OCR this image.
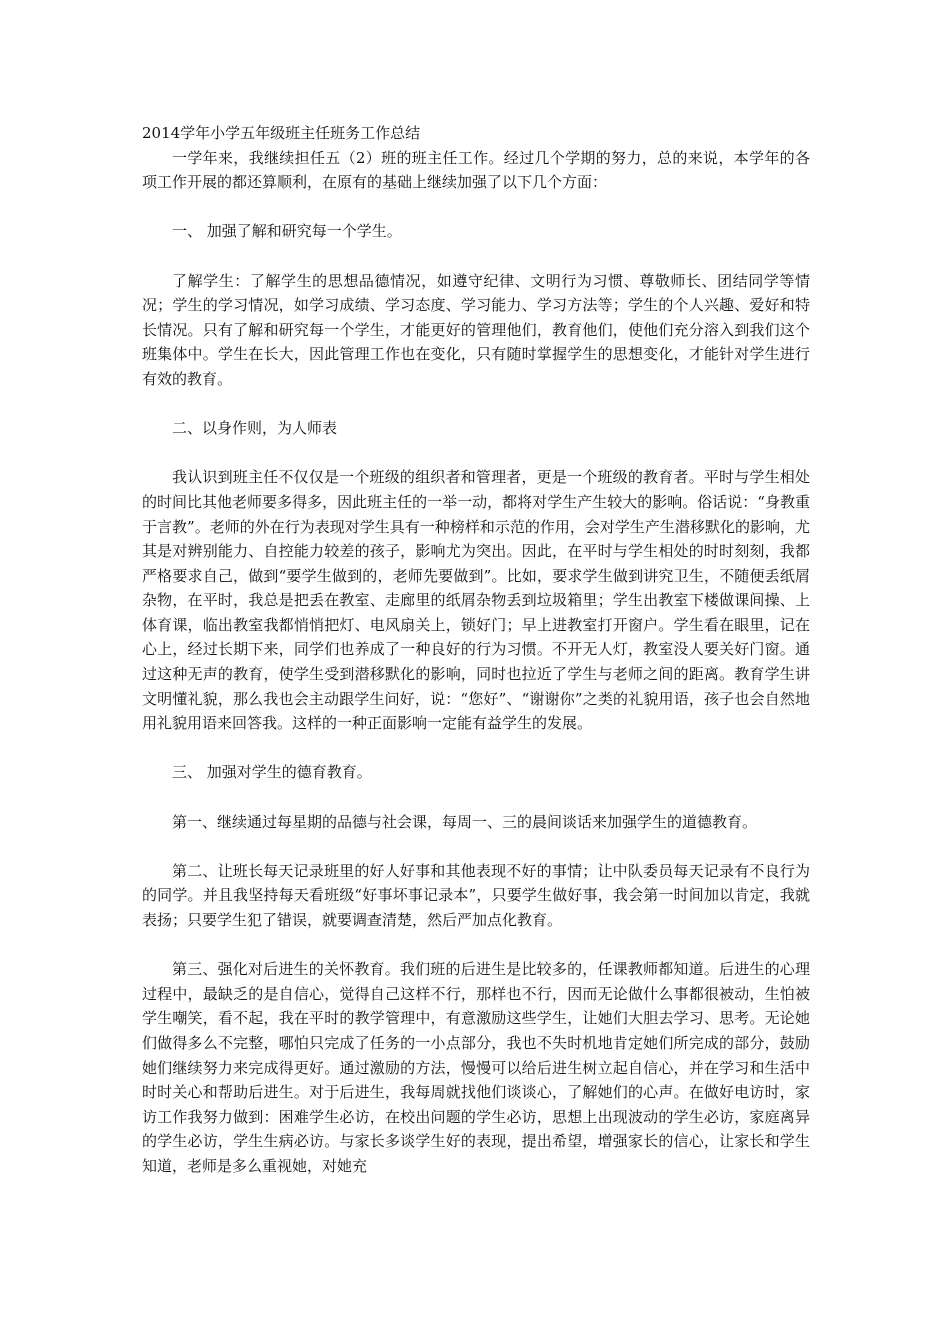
2014学年小学五年级班主任班务工作总结

一学年来，我继续担任五（2）班的班主任工作。经过几个学期的努力，总的来说，本学年的各项工作开展的都还算顺利，在原有的基础上继续加强了以下几个方面：

一、 加强了解和研究每一个学生。

了解学生：了解学生的思想品德情况，如遵守纪律、文明行为习惯、尊敬师长、团结同学等情况；学生的学习情况，如学习成绩、学习态度、学习能力、学习方法等；学生的个人兴趣、爱好和特长情况。只有了解和研究每一个学生，才能更好的管理他们，教育他们，使他们充分溶入到我们这个班集体中。学生在长大，因此管理工作也在变化，只有随时掌握学生的思想变化，才能针对学生进行有效的教育。

二、以身作则，为人师表

我认识到班主任不仅仅是一个班级的组织者和管理者，更是一个班级的教育者。平时与学生相处的时间比其他老师要多得多，因此班主任的一举一动，都将对学生产生较大的影响。俗话说：“身教重于言教”。老师的外在行为表现对学生具有一种榜样和示范的作用，会对学生产生潜移默化的影响，尤其是对辨别能力、自控能力较差的孩子，影响尤为突出。因此，在平时与学生相处的时时刻刻，我都严格要求自己，做到“要学生做到的，老师先要做到”。比如，要求学生做到讲究卫生，不随便丢纸屑杂物，在平时，我总是把丢在教室、走廊里的纸屑杂物丢到垃圾箱里；学生出教室下楼做课间操、上体育课，临出教室我都悄悄把灯、电风扇关上，锁好门；早上进教室打开窗户。学生看在眼里，记在心上，经过长期下来，同学们也养成了一种良好的行为习惯。不开无人灯，教室没人要关好门窗。通过这种无声的教育，使学生受到潜移默化的影响，同时也拉近了学生与老师之间的距离。教育学生讲文明懂礼貌，那么我也会主动跟学生问好，说：“您好”、“谢谢你”之类的礼貌用语，孩子也会自然地用礼貌用语来回答我。这样的一种正面影响一定能有益学生的发展。

三、 加强对学生的德育教育。

第一、继续通过每星期的品德与社会课，每周一、三的晨间谈话来加强学生的道德教育。

第二、让班长每天记录班里的好人好事和其他表现不好的事情；让中队委员每天记录有不良行为的同学。并且我坚持每天看班级“好事坏事记录本”，只要学生做好事，我会第一时间加以肯定，我就表扬；只要学生犯了错误，就要调查清楚，然后严加点化教育。

第三、强化对后进生的关怀教育。我们班的后进生是比较多的，任课教师都知道。后进生的心理过程中，最缺乏的是自信心，觉得自己这样不行，那样也不行，因而无论做什么事都很被动，生怕被学生嘲笑，看不起，我在平时的教学管理中，有意激励这些学生，让她们大胆去学习、思考。无论她们做得多么不完整，哪怕只完成了任务的一小点部分，我也不失时机地肯定她们所完成的部分，鼓励她们继续努力来完成得更好。通过激励的方法，慢慢可以给后进生树立起自信心，并在学习和生活中时时关心和帮助后进生。对于后进生，我每周就找他们谈谈心，了解她们的心声。在做好电访时，家访工作我努力做到：困难学生必访，在校出问题的学生必访，思想上出现波动的学生必访，家庭离异的学生必访，学生生病必访。与家长多谈学生好的表现，提出希望，增强家长的信心，让家长和学生知道，老师是多么重视她，对她充
